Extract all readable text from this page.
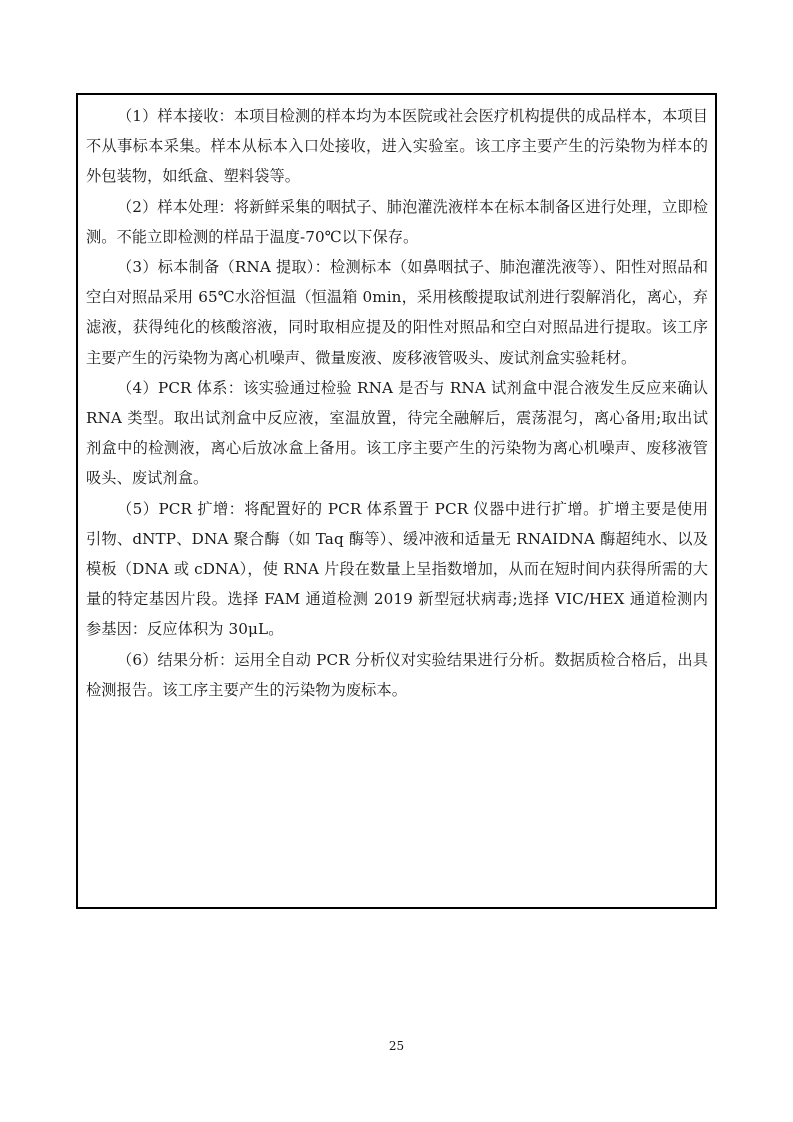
（1）样本接收：本项目检测的样本均为本医院或社会医疗机构提供的成品样本，本项目不从事标本采集。样本从标本入口处接收，进入实验室。该工序主要产生的污染物为样本的外包装物，如纸盒、塑料袋等。

（2）样本处理：将新鲜采集的咽拭子、肺泡灌洗液样本在标本制备区进行处理，立即检测。不能立即检测的样品于温度-70℃以下保存。

（3）标本制备（RNA 提取）：检测标本（如鼻咽拭子、肺泡灌洗液等）、阳性对照品和空白对照品采用 65℃水浴恒温（恒温箱 0min，采用核酸提取试剂进行裂解消化，离心，弃滤液，获得纯化的核酸溶液，同时取相应提及的阳性对照品和空白对照品进行提取。该工序主要产生的污染物为离心机噪声、微量废液、废移液管吸头、废试剂盒实验耗材。

（4）PCR 体系：该实验通过检验 RNA 是否与 RNA 试剂盒中混合液发生反应来确认 RNA 类型。取出试剂盒中反应液，室温放置，待完全融解后，震荡混匀，离心备用;取出试剂盒中的检测液，离心后放冰盒上备用。该工序主要产生的污染物为离心机噪声、废移液管吸头、废试剂盒。

（5）PCR 扩增：将配置好的 PCR 体系置于 PCR 仪器中进行扩增。扩增主要是使用引物、dNTP、DNA 聚合酶（如 Taq 酶等）、缓冲液和适量无 RNAIDNA 酶超纯水、以及模板（DNA 或 cDNA），使 RNA 片段在数量上呈指数增加，从而在短时间内获得所需的大量的特定基因片段。选择 FAM 通道检测 2019 新型冠状病毒;选择 VIC/HEX 通道检测内参基因：反应体积为 30μL。

（6）结果分析：运用全自动 PCR 分析仪对实验结果进行分析。数据质检合格后，出具检测报告。该工序主要产生的污染物为废标本。

25
